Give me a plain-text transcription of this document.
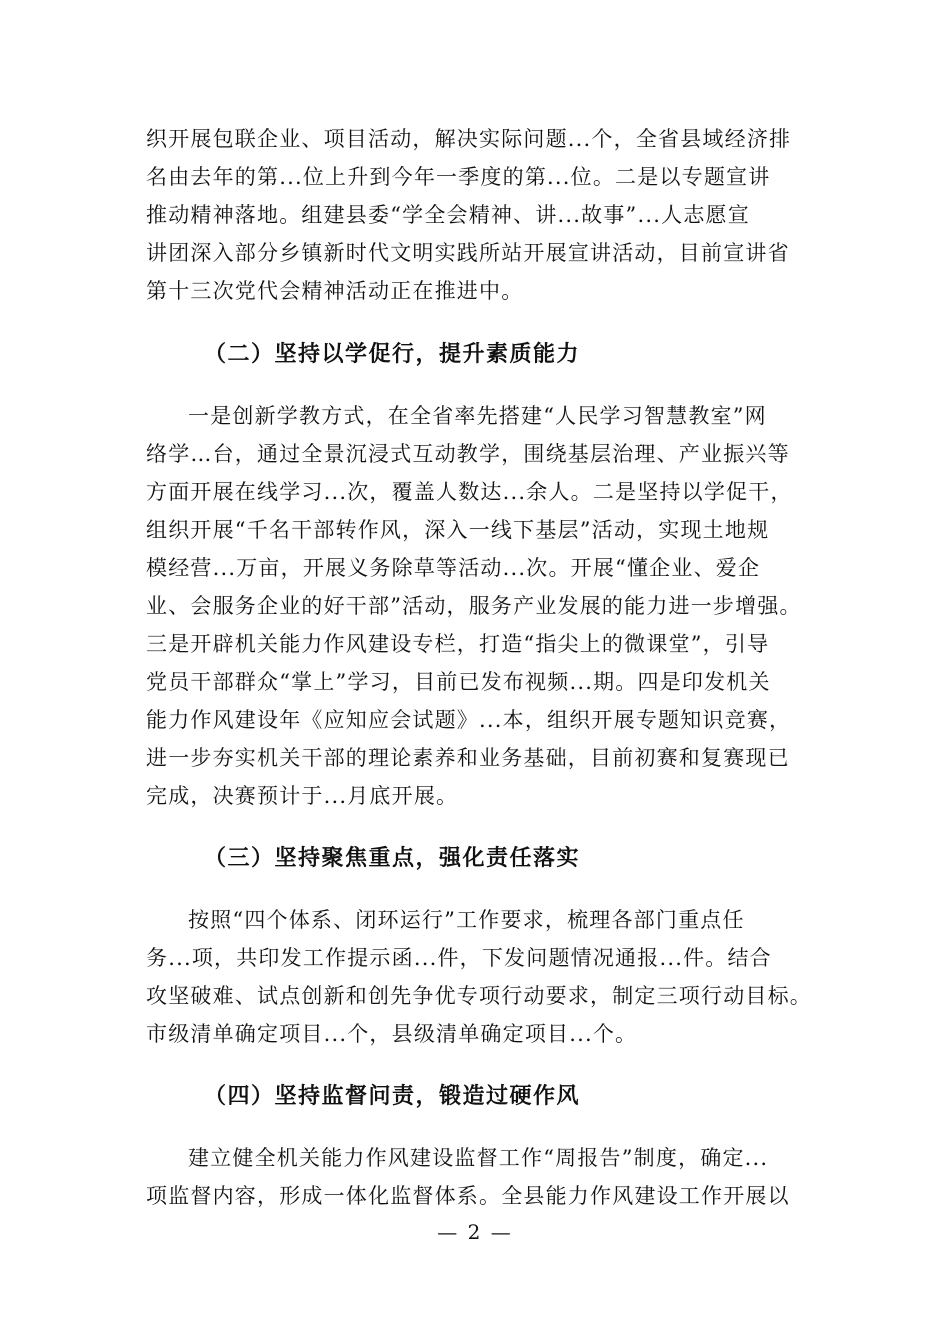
织开展包联企业、项目活动，解决实际问题...个，全省县域经济排
名由去年的第...位上升到今年一季度的第...位。二是以专题宣讲
推动精神落地。组建县委“学全会精神、讲...故事”...人志愿宣
讲团深入部分乡镇新时代文明实践所站开展宣讲活动，目前宣讲省
第十三次党代会精神活动正在推进中。
（二）坚持以学促行，提升素质能力
一是创新学教方式，在全省率先搭建“人民学习智慧教室”网
络学…台，通过全景沉浸式互动教学，围绕基层治理、产业振兴等
方面开展在线学习...次，覆盖人数达...余人。二是坚持以学促干，
组织开展“千名干部转作风，深入一线下基层”活动，实现土地规
模经营...万亩，开展义务除草等活动...次。开展“懂企业、爱企
业、会服务企业的好干部”活动，服务产业发展的能力进一步增强。
三是开辟机关能力作风建设专栏，打造“指尖上的微课堂”，引导
党员干部群众“掌上”学习，目前已发布视频...期。四是印发机关
能力作风建设年《应知应会试题》...本，组织开展专题知识竞赛，
进一步夯实机关干部的理论素养和业务基础，目前初赛和复赛现已
完成，决赛预计于...月底开展。
（三）坚持聚焦重点，强化责任落实
按照“四个体系、闭环运行”工作要求，梳理各部门重点任
务...项，共印发工作提示函...件，下发问题情况通报...件。结合
攻坚破难、试点创新和创先争优专项行动要求，制定三项行动目标。
市级清单确定项目...个，县级清单确定项目...个。
（四）坚持监督问责，锻造过硬作风
建立健全机关能力作风建设监督工作“周报告”制度，确定...
项监督内容，形成一体化监督体系。全县能力作风建设工作开展以
— 2 —
